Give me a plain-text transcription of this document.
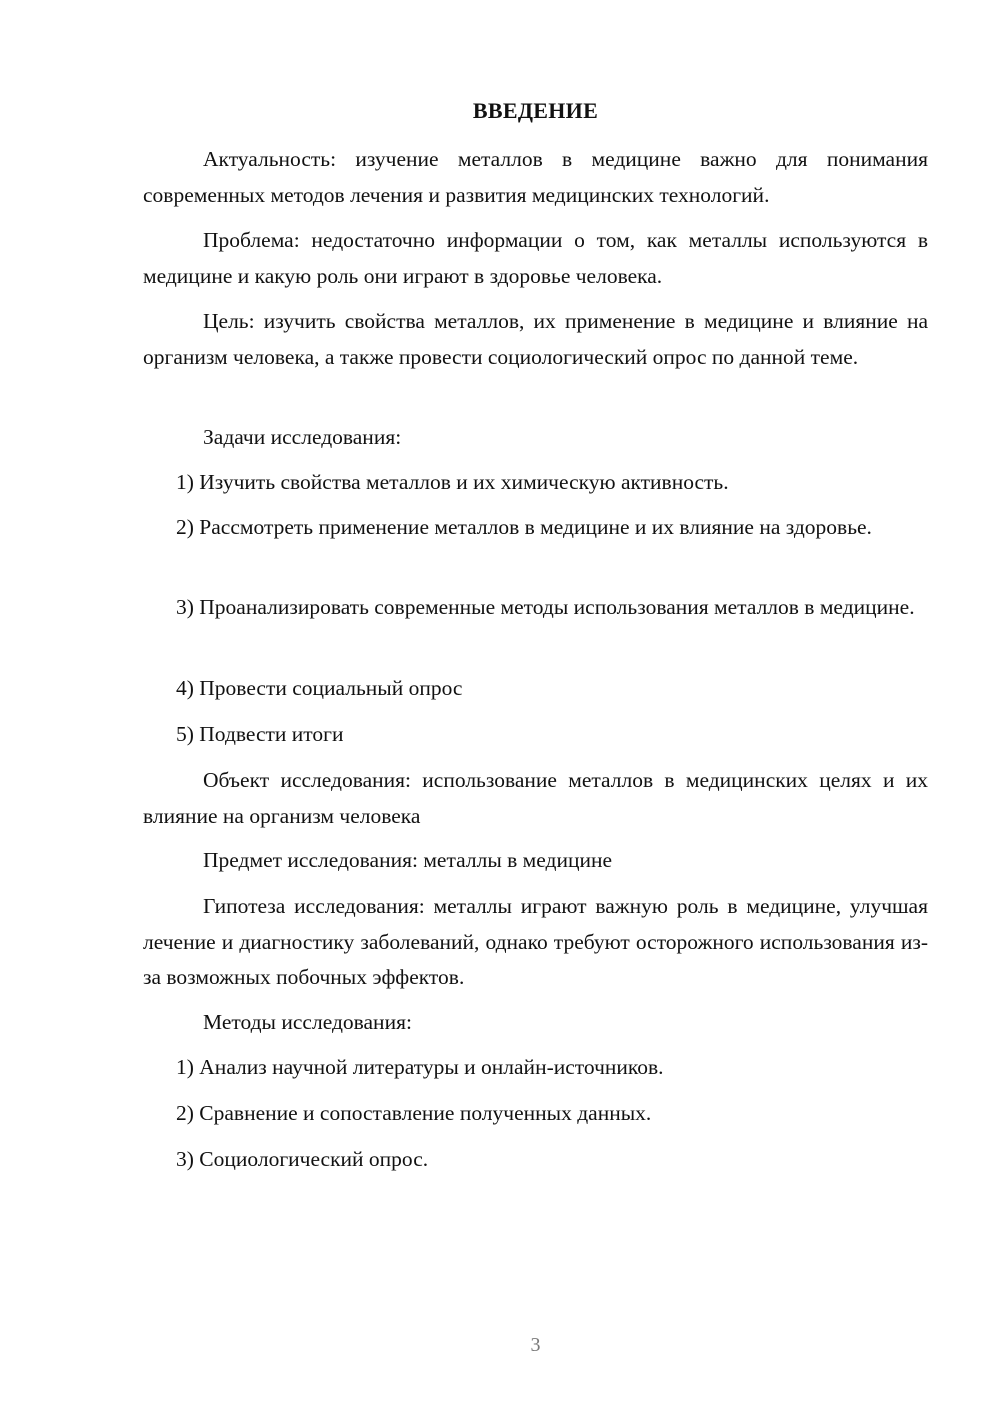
ВВЕДЕНИЕ
Актуальность: изучение металлов в медицине важно для понимания современных методов лечения и развития медицинских технологий.
Проблема: недостаточно информации о том, как металлы используются в медицине и какую роль они играют в здоровье человека.
Цель: изучить свойства металлов, их применение в медицине и влияние на организм человека, а также провести социологический опрос по данной теме.
Задачи исследования:
1) Изучить свойства металлов и их химическую активность.
2) Рассмотреть применение металлов в медицине и их влияние на здоровье.
3) Проанализировать современные методы использования металлов в медицине.
4) Провести социальный опрос
5) Подвести итоги
Объект исследования: использование металлов в медицинских целях и их влияние на организм человека
Предмет исследования: металлы в медицине
Гипотеза исследования: металлы играют важную роль в медицине, улучшая лечение и диагностику заболеваний, однако требуют осторожного использования из-за возможных побочных эффектов.
Методы исследования:
1) Анализ научной литературы и онлайн-источников.
2) Сравнение и сопоставление полученных данных.
3) Социологический опрос.
3
